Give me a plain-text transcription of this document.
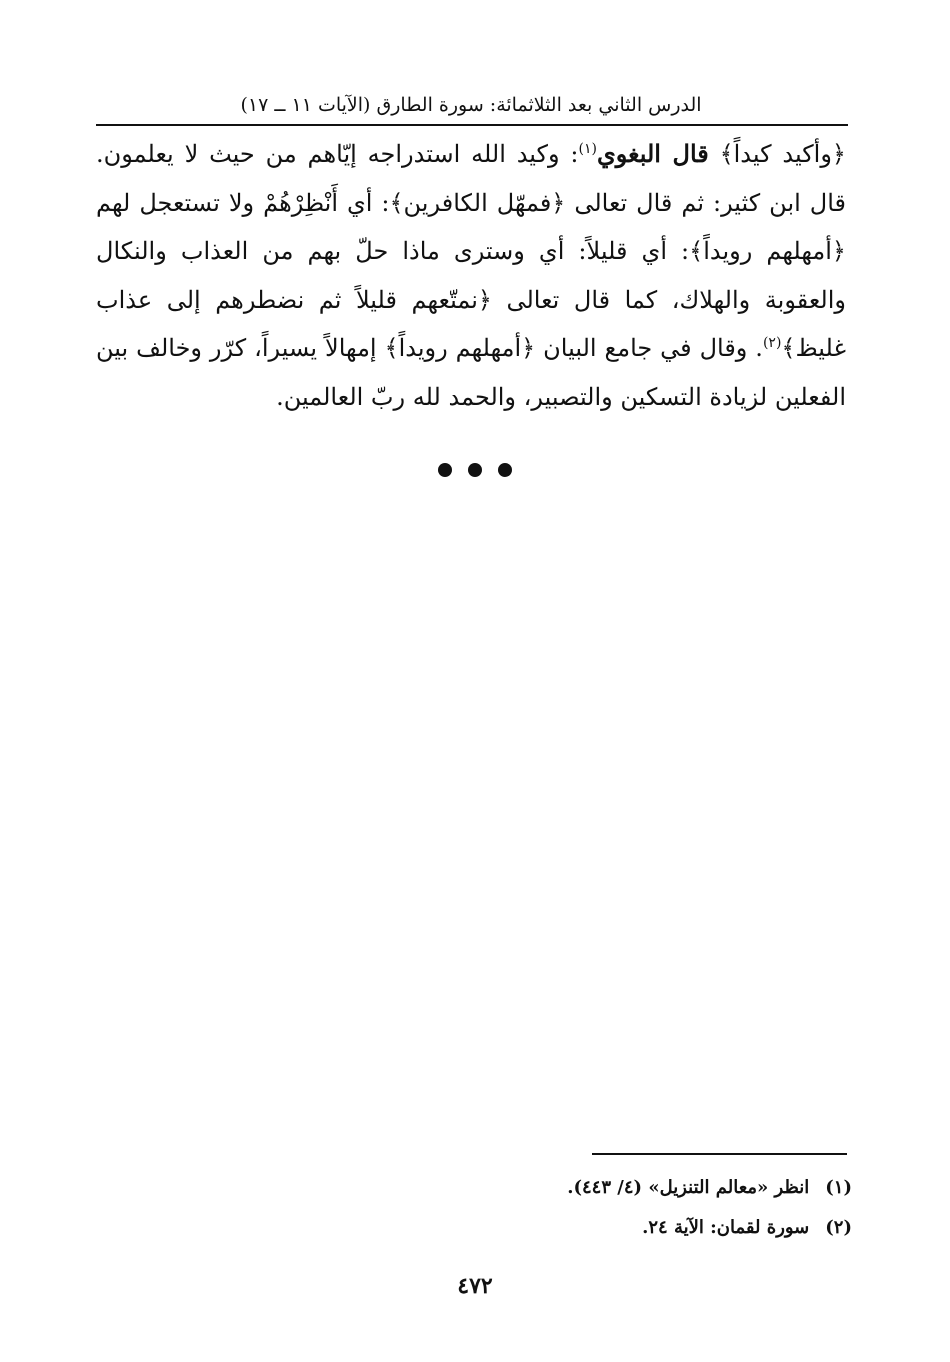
الدرس الثاني بعد الثلاثمائة: سورة الطارق (الآيات ١١ ــ ١٧)

﴿وأكيد كيداً﴾ قال البغوي$^{(١)}$: وكيد الله استدراجه إيّاهم من حيث لا يعلمون. قال ابن كثير: ثم قال تعالى ﴿فمهّل الكافرين﴾: أي أَنْظِرْهُمْ ولا تستعجل لهم ﴿أمهلهم رويداً﴾: أي قليلاً: أي وسترى ماذا حلّ بهم من العذاب والنكال والعقوبة والهلاك، كما قال تعالى ﴿نمتّعهم قليلاً ثم نضطرهم إلى عذاب غليظ﴾$^{(٢)}$. وقال في جامع البيان ﴿أمهلهم رويداً﴾ إمهالاً يسيراً، كرّر وخالف بين الفعلين لزيادة التسكين والتصبير، والحمد لله ربّ العالمين.

(١)انظر «معالم التنزيل» (٤/ ٤٤٣).
(٢)سورة لقمان: الآية ٢٤.
٤٧٢
